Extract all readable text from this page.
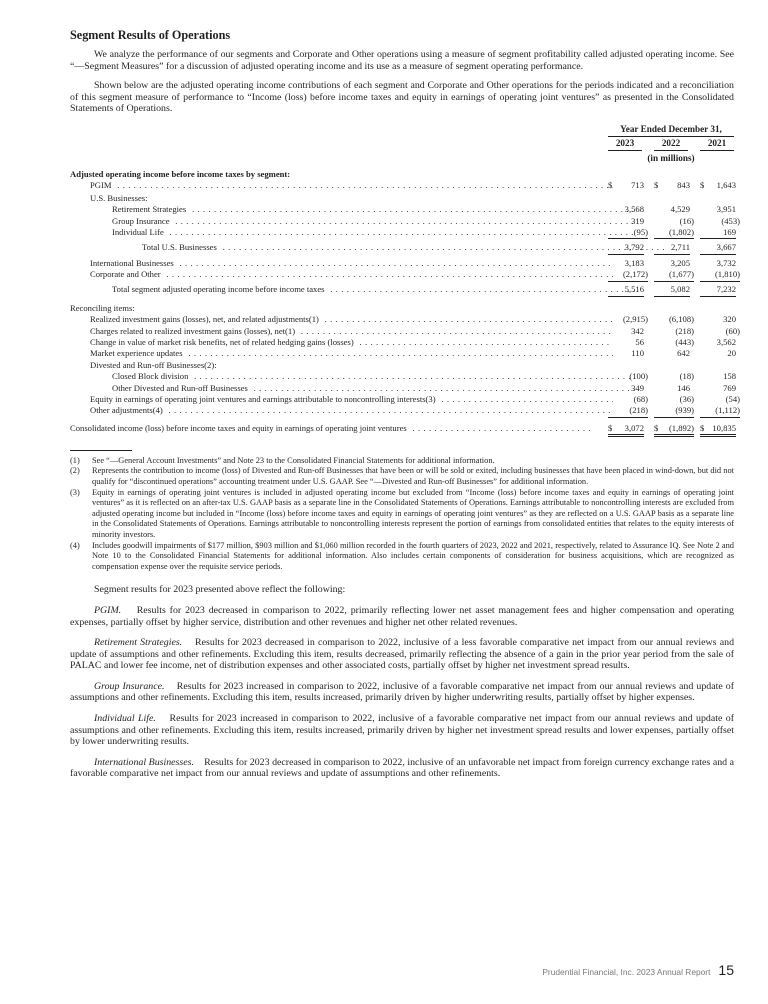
Segment Results of Operations

We analyze the performance of our segments and Corporate and Other operations using a measure of segment profitability called adjusted operating income. See “—Segment Measures” for a discussion of adjusted operating income and its use as a measure of segment operating performance.

Shown below are the adjusted operating income contributions of each segment and Corporate and Other operations for the periods indicated and a reconciliation of this segment measure of performance to “Income (loss) before income taxes and equity in earnings of operating joint ventures” as presented in the Consolidated Statements of Operations.

Year Ended December 31,
2023	2022	2021
(in millions)
Adjusted operating income before income taxes by segment:
PGIM . . .	$ 713 $ 843 $ 1,643
U.S. Businesses:
Retirement Strategies . . .	3,568	4,529	3,951
Group Insurance . . .	319	(16)	(453)
Individual Life . . .	(95)	(1,802)	169
Total U.S. Businesses . . .	3,792	2,711	3,667
International Businesses . . .	3,183	3,205	3,732
Corporate and Other . . .	(2,172)	(1,677)	(1,810)
Total segment adjusted operating income before income taxes . . .	5,516	5,082	7,232
Reconciling items:
Realized investment gains (losses), net, and related adjustments(1) . . .	(2,915)	(6,108)	320
Charges related to realized investment gains (losses), net(1) . . .	342	(218)	(60)
Change in value of market risk benefits, net of related hedging gains (losses) . . .	56	(443)	3,562
Market experience updates . . .	110	642	20
Divested and Run-off Businesses(2):
Closed Block division . . .	(100)	(18)	158
Other Divested and Run-off Businesses . . .	349	146	769
Equity in earnings of operating joint ventures and earnings attributable to noncontrolling interests(3) . . .	(68)	(36)	(54)
Other adjustments(4) . . .	(218)	(939)	(1,112)
Consolidated income (loss) before income taxes and equity in earnings of operating joint ventures . . .	$ 3,072 $ (1,892) $ 10,835
(1) See “—General Account Investments” and Note 23 to the Consolidated Financial Statements for additional information.
(2) Represents the contribution to income (loss) of Divested and Run-off Businesses that have been or will be sold or exited, including businesses that have been placed in wind-down, but did not qualify for “discontinued operations” accounting treatment under U.S. GAAP. See “—Divested and Run-off Businesses” for additional information.
(3) Equity in earnings of operating joint ventures is included in adjusted operating income but excluded from “Income (loss) before income taxes and equity in earnings of operating joint ventures” as it is reflected on an after-tax U.S. GAAP basis as a separate line in the Consolidated Statements of Operations. Earnings attributable to noncontrolling interests are excluded from adjusted operating income but included in “Income (loss) before income taxes and equity in earnings of operating joint ventures” as they are reflected on a U.S. GAAP basis as a separate line in the Consolidated Statements of Operations. Earnings attributable to noncontrolling interests represent the portion of earnings from consolidated entities that relates to the equity interests of minority investors.
(4) Includes goodwill impairments of $177 million, $903 million and $1,060 million recorded in the fourth quarters of 2023, 2022 and 2021, respectively, related to Assurance IQ. See Note 2 and Note 10 to the Consolidated Financial Statements for additional information. Also includes certain components of consideration for business acquisitions, which are recognized as compensation expense over the requisite service periods.

Segment results for 2023 presented above reflect the following:

PGIM. Results for 2023 decreased in comparison to 2022, primarily reflecting lower net asset management fees and higher compensation and operating expenses, partially offset by higher service, distribution and other revenues and higher net other related revenues.

Retirement Strategies. Results for 2023 decreased in comparison to 2022, inclusive of a less favorable comparative net impact from our annual reviews and update of assumptions and other refinements. Excluding this item, results decreased, primarily reflecting the absence of a gain in the prior year period from the sale of PALAC and lower fee income, net of distribution expenses and other associated costs, partially offset by higher net investment spread results.

Group Insurance. Results for 2023 increased in comparison to 2022, inclusive of a favorable comparative net impact from our annual reviews and update of assumptions and other refinements. Excluding this item, results increased, primarily driven by higher underwriting results, partially offset by higher expenses.

Individual Life. Results for 2023 increased in comparison to 2022, inclusive of a favorable comparative net impact from our annual reviews and update of assumptions and other refinements. Excluding this item, results increased, primarily driven by higher net investment spread results and lower expenses, partially offset by lower underwriting results.

International Businesses. Results for 2023 decreased in comparison to 2022, inclusive of an unfavorable net impact from foreign currency exchange rates and a favorable comparative net impact from our annual reviews and update of assumptions and other refinements.

Prudential Financial, Inc. 2023 Annual Report 15
